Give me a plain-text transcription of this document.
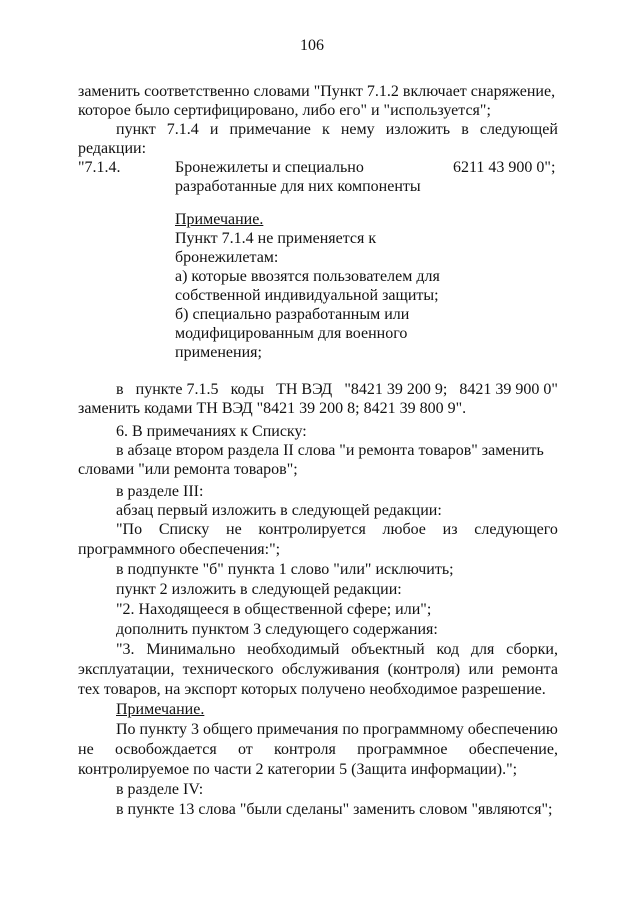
106
заменить соответственно словами "Пункт 7.1.2 включает снаряжение,
которое было сертифицировано, либо его" и "используется";
пункт 7.1.4 и примечание к нему изложить в следующей
редакции:
"7.1.4.	Бронежилеты и специально
разработанные для них компоненты
6211 43 900 0";
Примечание.
Пункт 7.1.4 не применяется к
бронежилетам:
а) которые ввозятся пользователем для
собственной индивидуальной защиты;
б) специально разработанным или
модифицированным для военного
применения;
в пункте 7.1.5 коды ТН ВЭД "8421 39 200 9; 8421 39 900 0"
заменить кодами ТН ВЭД "8421 39 200 8; 8421 39 800 9".
6. В примечаниях к Списку:
в абзаце втором раздела II слова "и ремонта товаров" заменить
словами "или ремонта товаров";
в разделе III:
абзац первый изложить в следующей редакции:
"По Списку не контролируется любое из следующего
программного обеспечения:";
в подпункте "б" пункта 1 слово "или" исключить;
пункт 2 изложить в следующей редакции:
"2. Находящееся в общественной сфере; или";
дополнить пунктом 3 следующего содержания:
"3. Минимально необходимый объектный код для сборки,
эксплуатации, технического обслуживания (контроля) или ремонта
тех товаров, на экспорт которых получено необходимое разрешение.
Примечание.
По пункту 3 общего примечания по программному обеспечению
не освобождается от контроля программное обеспечение,
контролируемое по части 2 категории 5 (Защита информации).";
в разделе IV:
в пункте 13 слова "были сделаны" заменить словом "являются";
